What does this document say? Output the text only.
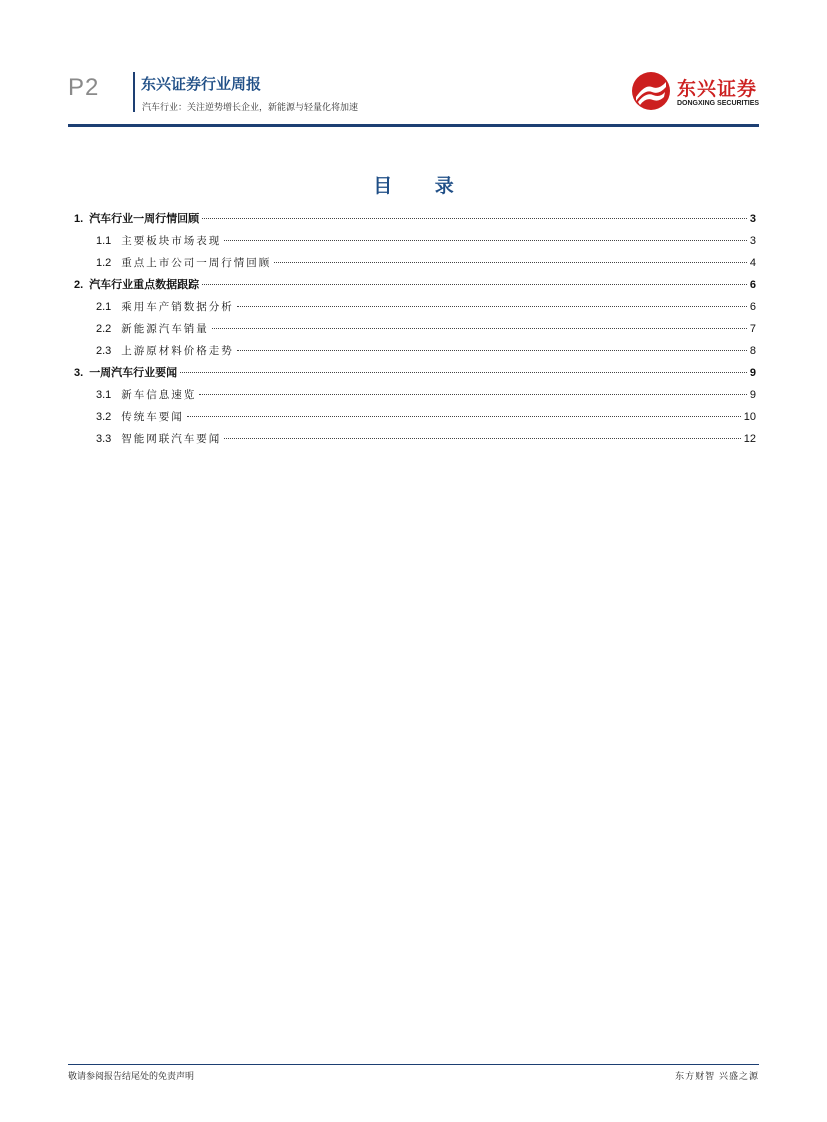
P2	东兴证券行业周报
汽车行业：关注逆势增长企业，新能源与轻量化将加速
东兴证券
DONGXING SECURITIES
目 录
1. 汽车行业一周行情回顾	3
1.1 主要板块市场表现	3
1.2 重点上市公司一周行情回顾	4
2. 汽车行业重点数据跟踪	6
2.1 乘用车产销数据分析	6
2.2 新能源汽车销量	7
2.3 上游原材料价格走势	8
3. 一周汽车行业要闻	9
3.1 新车信息速览	9
3.2 传统车要闻	10
3.3 智能网联汽车要闻	12
敬请参阅报告结尾处的免责声明	东方财智 兴盛之源
